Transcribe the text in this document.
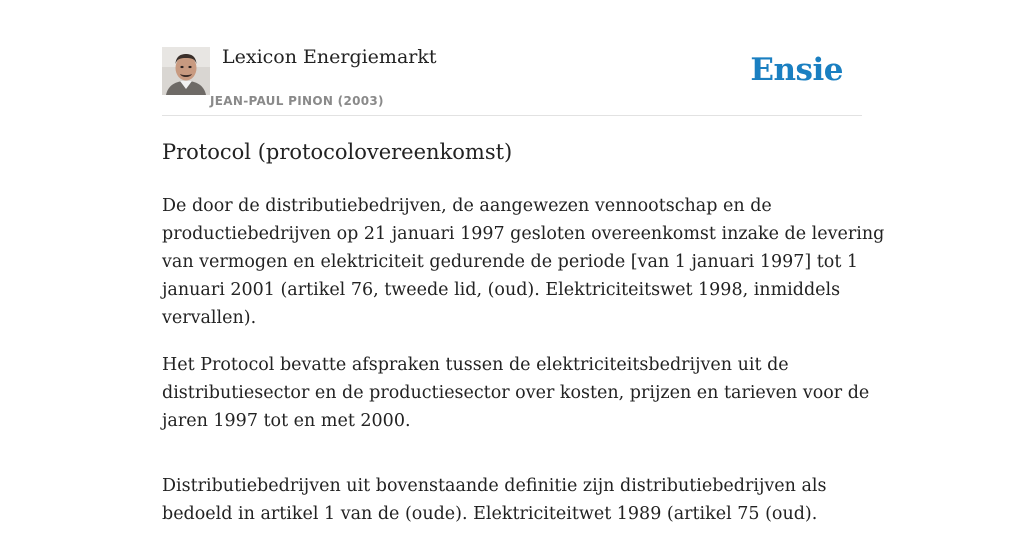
Lexicon Energiemarkt
JEAN-PAUL PINON (2003)
Ensie
Protocol (protocolovereenkomst)

De door de distributiebedrijven, de aangewezen vennootschap en de
productiebedrijven op 21 januari 1997 gesloten overeenkomst inzake de levering
van vermogen en elektriciteit gedurende de periode [van 1 januari 1997] tot 1
januari 2001 (artikel 76, tweede lid, (oud). Elektriciteitswet 1998, inmiddels
vervallen).

Het Protocol bevatte afspraken tussen de elektriciteitsbedrijven uit de
distributiesector en de productiesector over kosten, prijzen en tarieven voor de
jaren 1997 tot en met 2000.

Distributiebedrijven uit bovenstaande definitie zijn distributiebedrijven als
bedoeld in artikel 1 van de (oude). Elektriciteitwet 1989 (artikel 75 (oud).
